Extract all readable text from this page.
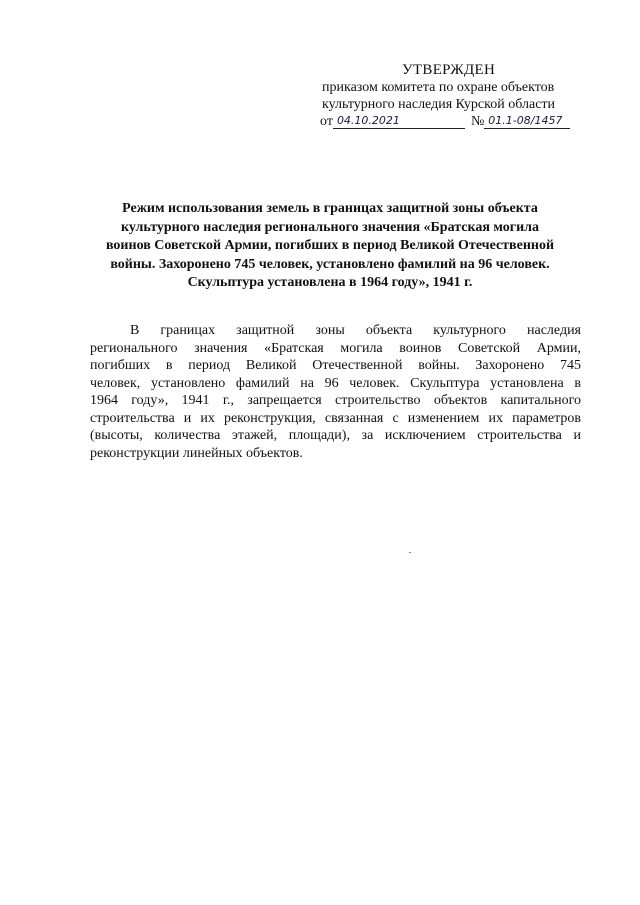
УТВЕРЖДЕН
приказом комитета по охране объектов
культурного наследия Курской области
от 04.10.2021	№ 01.1-08/1457
Режим использования земель в границах защитной зоны объекта
культурного наследия регионального значения «Братская могила
воинов Советской Армии, погибших в период Великой Отечественной
войны. Захоронено 745 человек, установлено фамилий на 96 человек.
Скульптура установлена в 1964 году», 1941 г.
В границах защитной зоны объекта культурного наследия
регионального значения «Братская могила воинов Советской Армии,
погибших в период Великой Отечественной войны. Захоронено 745
человек, установлено фамилий на 96 человек. Скульптура установлена в
1964 году», 1941 г., запрещается строительство объектов капитального
строительства и их реконструкция, связанная с изменением их параметров
(высоты, количества этажей, площади), за исключением строительства и
реконструкции линейных объектов.
